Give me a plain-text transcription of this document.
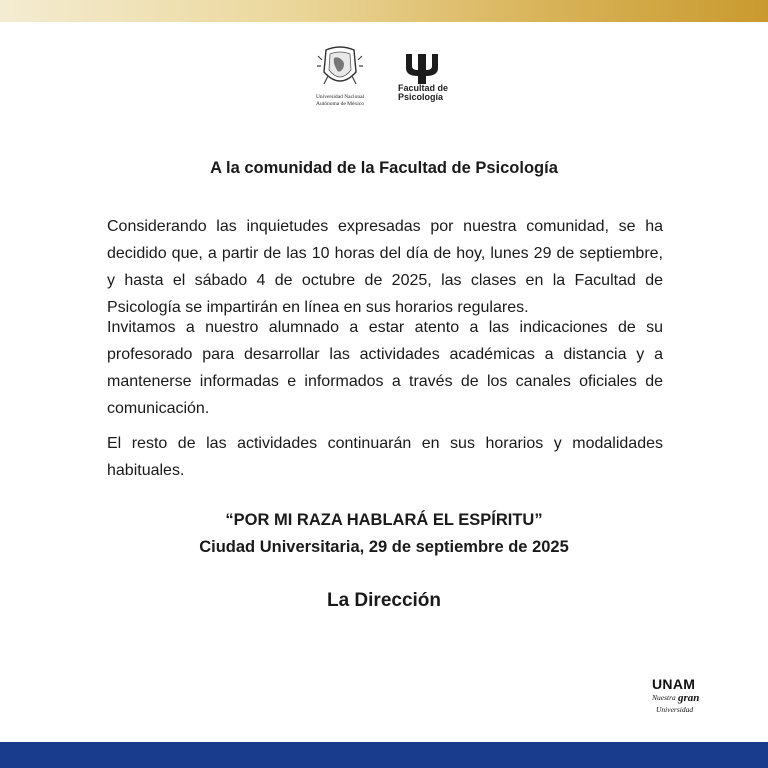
Universidad Nacional
Autónoma de México
Facultad de Psicología
A la comunidad de la Facultad de Psicología

Considerando las inquietudes expresadas por nuestra comunidad, se ha decidido que, a partir de las 10 horas del día de hoy, lunes 29 de septiembre, y hasta el sábado 4 de octubre de 2025, las clases en la Facultad de Psicología se impartirán en línea en sus horarios regulares.

Invitamos a nuestro alumnado a estar atento a las indicaciones de su profesorado para desarrollar las actividades académicas a distancia y a mantenerse informadas e informados a través de los canales oficiales de comunicación.

El resto de las actividades continuarán en sus horarios y modalidades habituales.

“POR MI RAZA HABLARÁ EL ESPÍRITU”
Ciudad Universitaria, 29 de septiembre de 2025
La Dirección
UNAM
Nuestra gran
Universidad
